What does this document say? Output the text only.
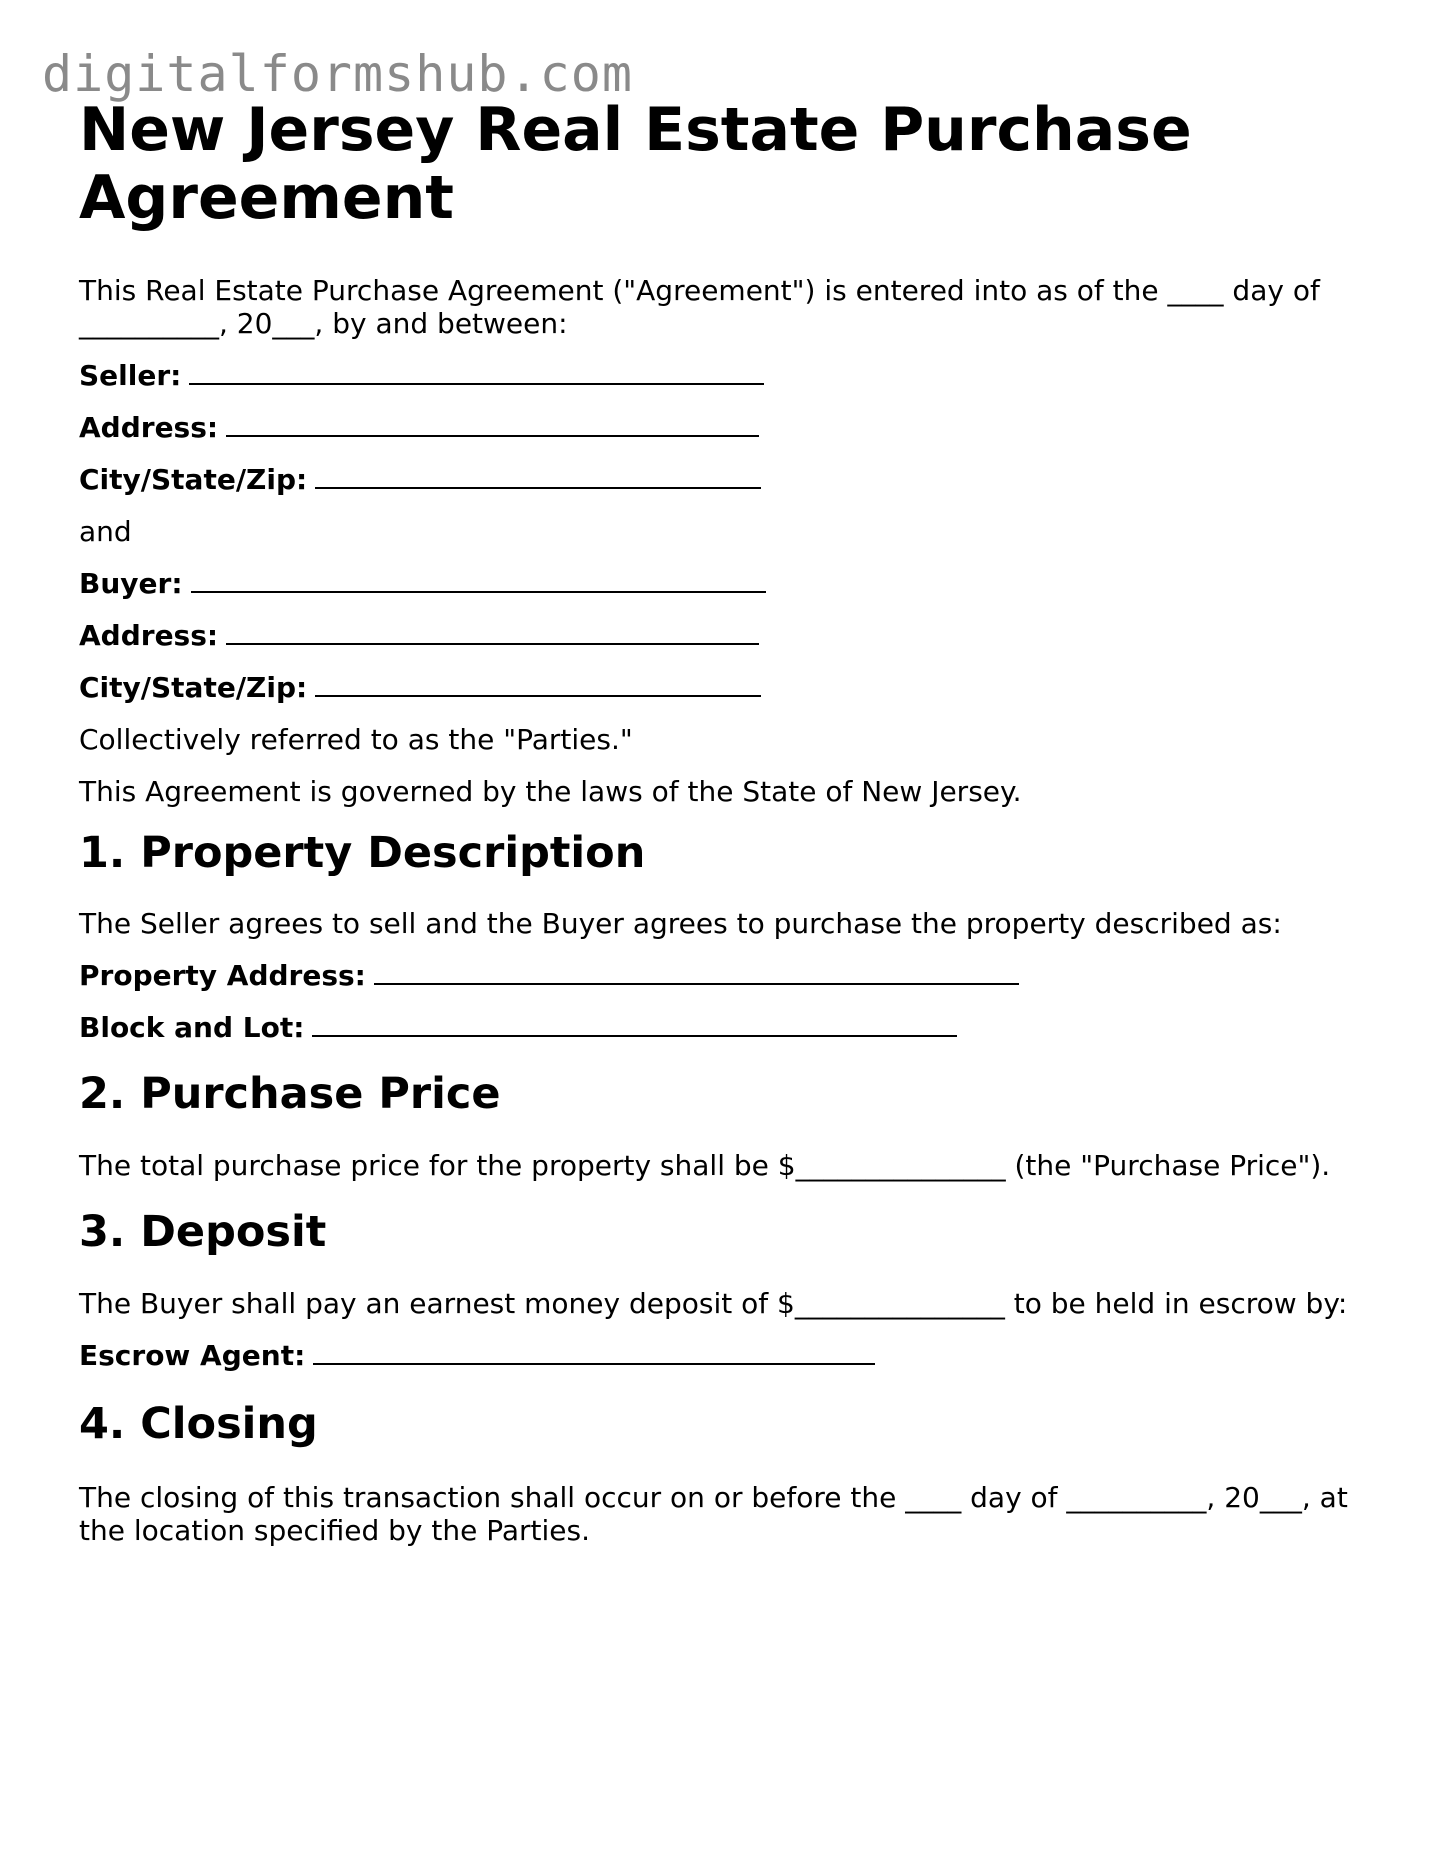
digitalformshub.com
New Jersey Real Estate Purchase Agreement

This Real Estate Purchase Agreement ("Agreement") is entered into as of the ____ day of __________, 20___, by and between:

Seller:
Address:
City/State/Zip:

and

Buyer:
Address:
City/State/Zip:

Collectively referred to as the "Parties."

This Agreement is governed by the laws of the State of New Jersey.

1. Property Description

The Seller agrees to sell and the Buyer agrees to purchase the property described as:

Property Address:
Block and Lot:
2. Purchase Price

The total purchase price for the property shall be $_______________ (the "Purchase Price").

3. Deposit

The Buyer shall pay an earnest money deposit of $_______________ to be held in escrow by:

Escrow Agent:
4. Closing

The closing of this transaction shall occur on or before the ____ day of __________, 20___, at the location specified by the Parties.
